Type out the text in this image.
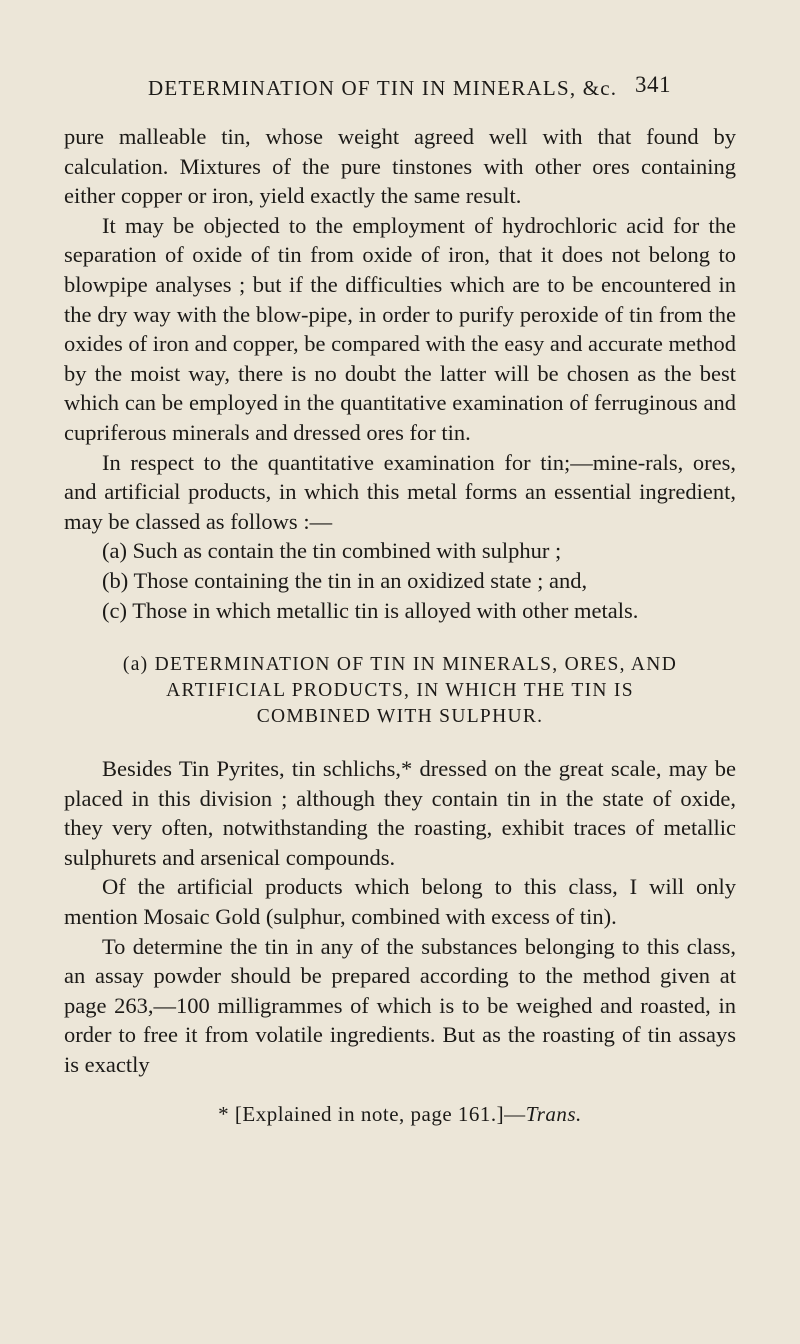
DETERMINATION OF TIN IN MINERALS, &c. 341

pure malleable tin, whose weight agreed well with that found by calculation. Mixtures of the pure tinstones with other ores containing either copper or iron, yield exactly the same result.

It may be objected to the employment of hydrochloric acid for the separation of oxide of tin from oxide of iron, that it does not belong to blowpipe analyses ; but if the difficulties which are to be encountered in the dry way with the blow-pipe, in order to purify peroxide of tin from the oxides of iron and copper, be compared with the easy and accurate method by the moist way, there is no doubt the latter will be chosen as the best which can be employed in the quantitative examination of ferruginous and cupriferous minerals and dressed ores for tin.

In respect to the quantitative examination for tin;—mine-rals, ores, and artificial products, in which this metal forms an essential ingredient, may be classed as follows :—

(a) Such as contain the tin combined with sulphur ;

(b) Those containing the tin in an oxidized state ; and,

(c) Those in which metallic tin is alloyed with other metals.

(a) DETERMINATION OF TIN IN MINERALS, ORES, AND
ARTIFICIAL PRODUCTS, IN WHICH THE TIN IS
COMBINED WITH SULPHUR.

Besides Tin Pyrites, tin schlichs,* dressed on the great scale, may be placed in this division ; although they contain tin in the state of oxide, they very often, notwithstanding the roasting, exhibit traces of metallic sulphurets and arsenical compounds.

Of the artificial products which belong to this class, I will only mention Mosaic Gold (sulphur, combined with excess of tin).

To determine the tin in any of the substances belonging to this class, an assay powder should be prepared according to the method given at page 263,—100 milligrammes of which is to be weighed and roasted, in order to free it from volatile ingredients. But as the roasting of tin assays is exactly

* [Explained in note, page 161.]—Trans.
